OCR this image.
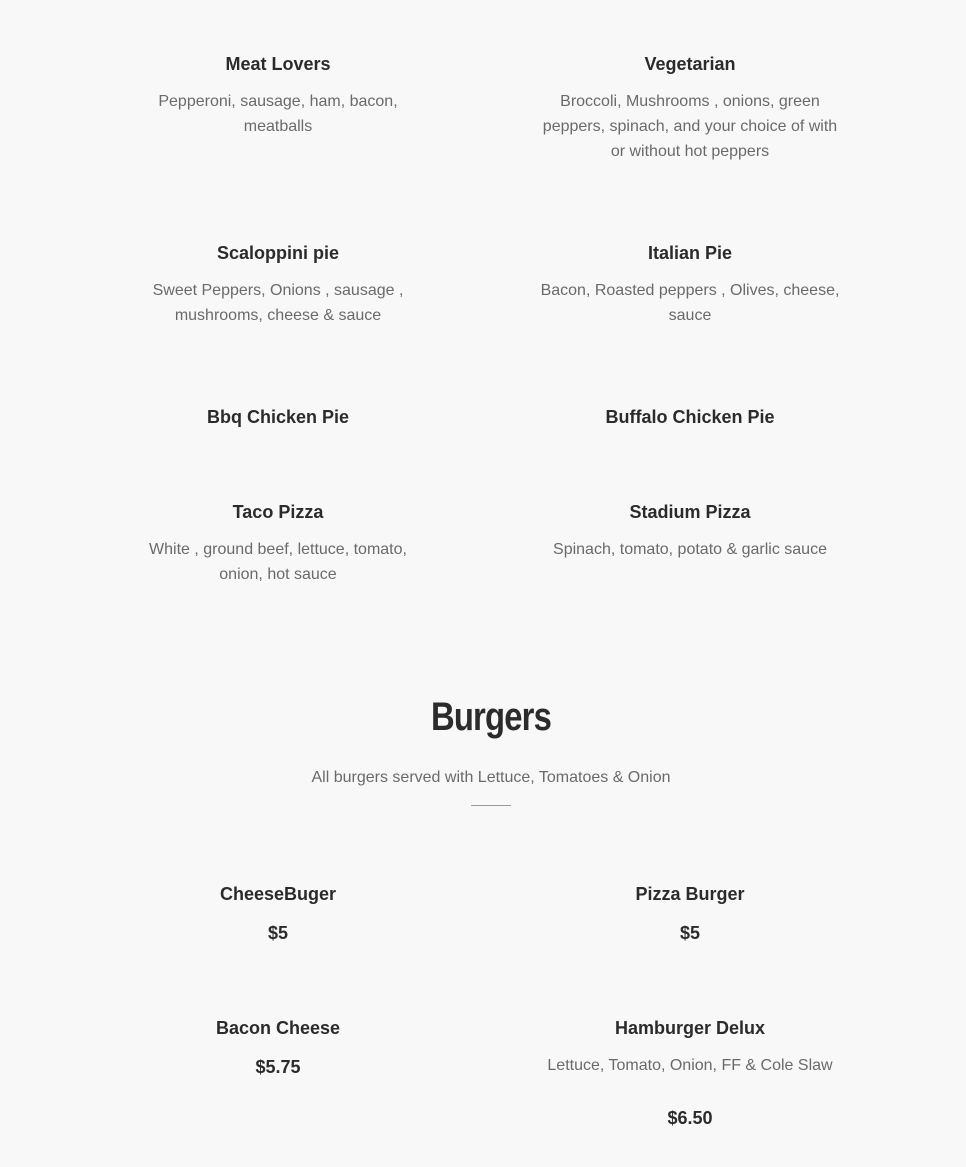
Meat Lovers

Pepperoni, sausage, ham, bacon, meatballs

Vegetarian

Broccoli, Mushrooms , onions, green peppers, spinach, and your choice of with or without hot peppers

Scaloppini pie

Sweet Peppers, Onions , sausage , mushrooms, cheese & sauce

Italian Pie

Bacon, Roasted peppers , Olives, cheese, sauce

Bbq Chicken Pie	Buffalo Chicken Pie

Taco Pizza

White , ground beef, lettuce, tomato, onion, hot sauce

Stadium Pizza

Spinach, tomato, potato & garlic sauce

Burgers

All burgers served with Lettuce, Tomatoes & Onion

CheeseBuger

$5

Pizza Burger

$5

Bacon Cheese

$5.75

Hamburger Delux

Lettuce, Tomato, Onion, FF & Cole Slaw

$6.50
